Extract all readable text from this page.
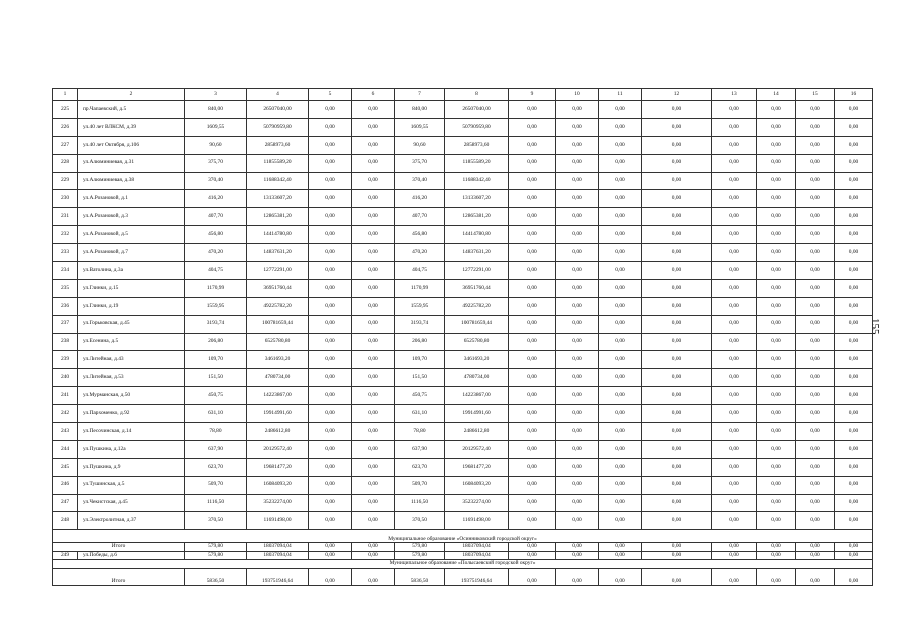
155
1	2	3	4	5	6	7	8	9	10	11	12	13	14	15	16
225	пр.Чапаевский, д.5	840,00	26507040,00	0,00	0,00	840,00	26507040,00	0,00	0,00	0,00	0,00	0,00	0,00	0,00	0,00
226	ул.40 лет ВЛКСМ, д.39	1609,55	50790959,80	0,00	0,00	1609,55	50790959,80	0,00	0,00	0,00	0,00	0,00	0,00	0,00	0,00
227	ул.40 лет Октября, д.106	90,60	2858973,60	0,00	0,00	90,60	2858973,60	0,00	0,00	0,00	0,00	0,00	0,00	0,00	0,00
228	ул.Алюминиевая, д.31	375,70	11855589,20	0,00	0,00	375,70	11855589,20	0,00	0,00	0,00	0,00	0,00	0,00	0,00	0,00
229	ул.Алюминиевая, д.38	370,40	11688342,40	0,00	0,00	370,40	11688342,40	0,00	0,00	0,00	0,00	0,00	0,00	0,00	0,00
230	ул.А.Розановой, д.1	416,20	13133607,20	0,00	0,00	416,20	13133607,20	0,00	0,00	0,00	0,00	0,00	0,00	0,00	0,00
231	ул.А.Розановой, д.3	407,70	12865381,20	0,00	0,00	407,70	12865381,20	0,00	0,00	0,00	0,00	0,00	0,00	0,00	0,00
232	ул.А.Розановой, д.5	456,80	14414780,80	0,00	0,00	456,80	14414780,80	0,00	0,00	0,00	0,00	0,00	0,00	0,00	0,00
233	ул.А.Розановой, д.7	470,20	14837631,20	0,00	0,00	470,20	14837631,20	0,00	0,00	0,00	0,00	0,00	0,00	0,00	0,00
234	ул.Ватолина, д.3а	404,75	12772291,00	0,00	0,00	404,75	12772291,00	0,00	0,00	0,00	0,00	0,00	0,00	0,00	0,00
235	ул.Глинки, д.15	1170,99	36951760,44	0,00	0,00	1170,99	36951760,44	0,00	0,00	0,00	0,00	0,00	0,00	0,00	0,00
236	ул.Глинки, д.19	1559,95	49225782,20	0,00	0,00	1559,95	49225782,20	0,00	0,00	0,00	0,00	0,00	0,00	0,00	0,00
237	ул.Горьковская, д.45	3193,74	100781659,44	0,00	0,00	3193,74	100781659,44	0,00	0,00	0,00	0,00	0,00	0,00	0,00	0,00
238	ул.Есенина, д.5	206,80	6525780,80	0,00	0,00	206,80	6525780,80	0,00	0,00	0,00	0,00	0,00	0,00	0,00	0,00
239	ул.Литейная, д.43	109,70	3461693,20	0,00	0,00	109,70	3461693,20	0,00	0,00	0,00	0,00	0,00	0,00	0,00	0,00
240	ул.Литейная, д.53	151,50	4780734,00	0,00	0,00	151,50	4780734,00	0,00	0,00	0,00	0,00	0,00	0,00	0,00	0,00
241	ул.Мурманская, д.50	450,75	14223867,00	0,00	0,00	450,75	14223867,00	0,00	0,00	0,00	0,00	0,00	0,00	0,00	0,00
242	ул.Пархоменко, д.92	631,10	19914991,60	0,00	0,00	631,10	19914991,60	0,00	0,00	0,00	0,00	0,00	0,00	0,00	0,00
243	ул.Песочинская, д.14	78,80	2486612,80	0,00	0,00	78,80	2486612,80	0,00	0,00	0,00	0,00	0,00	0,00	0,00	0,00
244	ул.Пушкина, д.12а	637,90	20129572,40	0,00	0,00	637,90	20129572,40	0,00	0,00	0,00	0,00	0,00	0,00	0,00	0,00
245	ул.Пушкина, д.9	623,70	19681477,20	0,00	0,00	623,70	19681477,20	0,00	0,00	0,00	0,00	0,00	0,00	0,00	0,00
246	ул.Тушинская, д.5	509,70	16084093,20	0,00	0,00	509,70	16084093,20	0,00	0,00	0,00	0,00	0,00	0,00	0,00	0,00
247	ул.Чекистская, д.45	1116,50	35232274,00	0,00	0,00	1116,50	35232274,00	0,00	0,00	0,00	0,00	0,00	0,00	0,00	0,00
248	ул.Электролитная, д.37	370,50	11691498,00	0,00	0,00	370,50	11691498,00	0,00	0,00	0,00	0,00	0,00	0,00	0,00	0,00
Муниципальное образование «Осинниковский городской округ»															
Итого		579,80	18037094,04	0,00	0,00	579,80	18037094,04	0,00	0,00	0,00	0,00	0,00	0,00	0,00	0,00
249	ул.Победы, д.6	579,80	18037094,04	0,00	0,00	579,80	18037094,04	0,00	0,00	0,00	0,00	0,00	0,00	0,00	0,00
Муниципальное образование «Полысаевский городской округ»															
Итого		5836,50	193751946,64	0,00	0,00	5836,50	193751946,64	0,00	0,00	0,00	0,00	0,00	0,00	0,00	0,00
